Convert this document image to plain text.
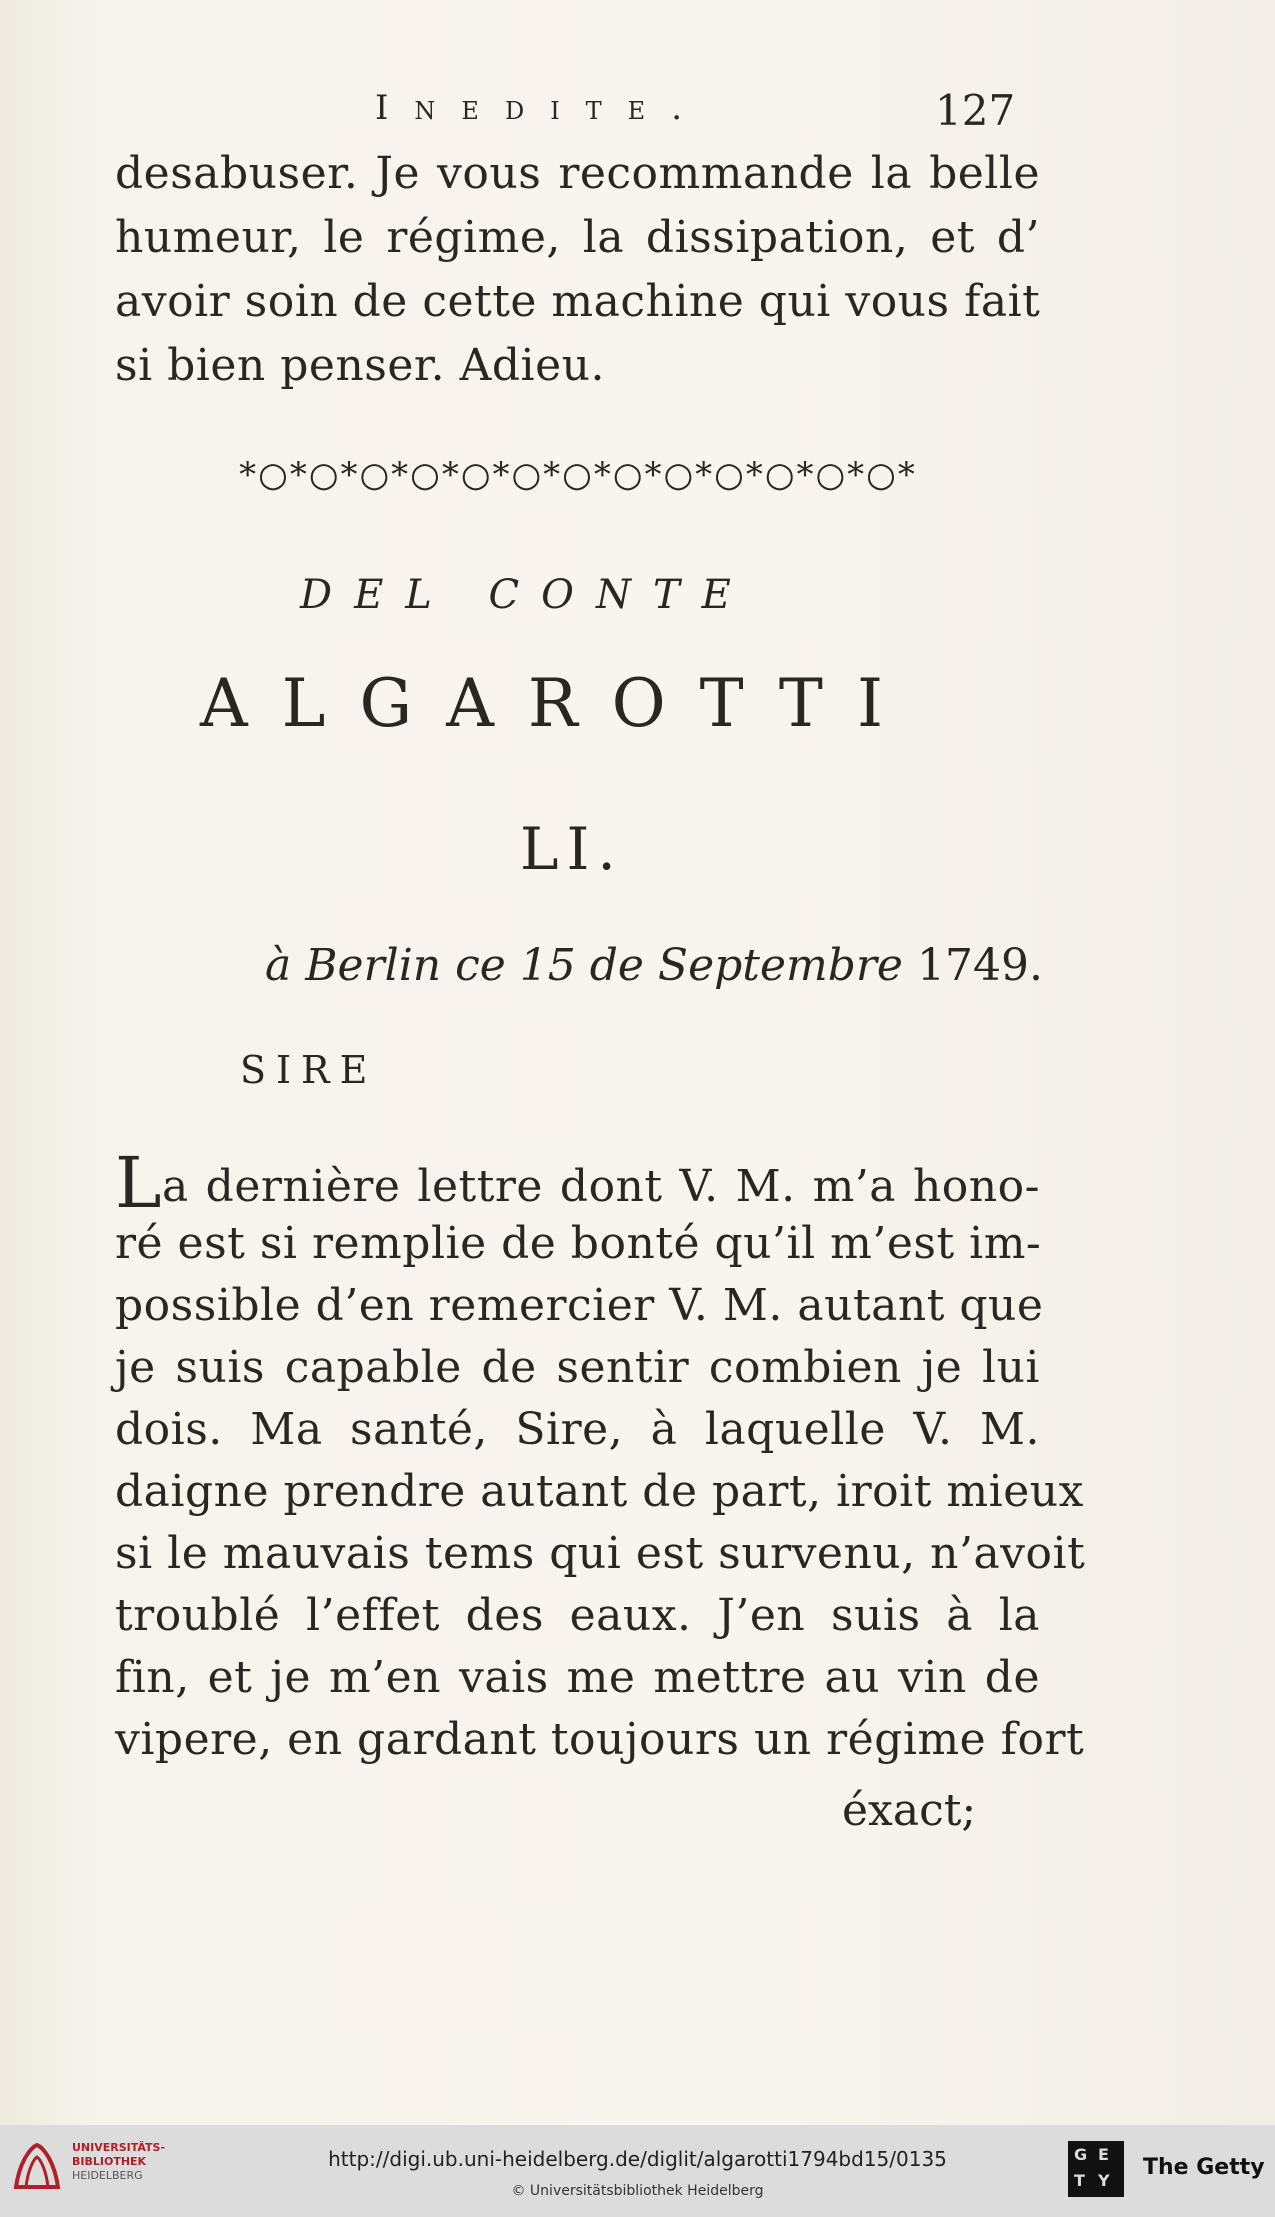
Inedite.	127
desabuser. Je vous recommande la belle
humeur, le régime, la dissipation, et d’
avoir soin de cette machine qui vous fait
si bien penser. Adieu.
*○*○*○*○*○*○*○*○*○*○*○*○*○*
DEL CONTE
ALGAROTTI
LI.
à Berlin ce 15 de Septembre 1749.
SIRE
La dernière lettre dont V. M. m’a hono-
ré est si remplie de bonté qu’il m’est im-
possible d’en remercier V. M. autant que
je suis capable de sentir combien je lui
dois. Ma santé, Sire, à laquelle V. M.
daigne prendre autant de part, iroit mieux
si le mauvais tems qui est survenu, n’avoit
troublé l’effet des eaux. J’en suis à la
fin, et je m’en vais me mettre au vin de
vipere, en gardant toujours un régime fort
éxact;
UNIVERSITÄTS-
BIBLIOTHEK
HEIDELBERG
http://digi.ub.uni-heidelberg.de/diglit/algarotti1794bd15/0135
© Universitätsbibliothek Heidelberg
G E
T Y
The Getty
